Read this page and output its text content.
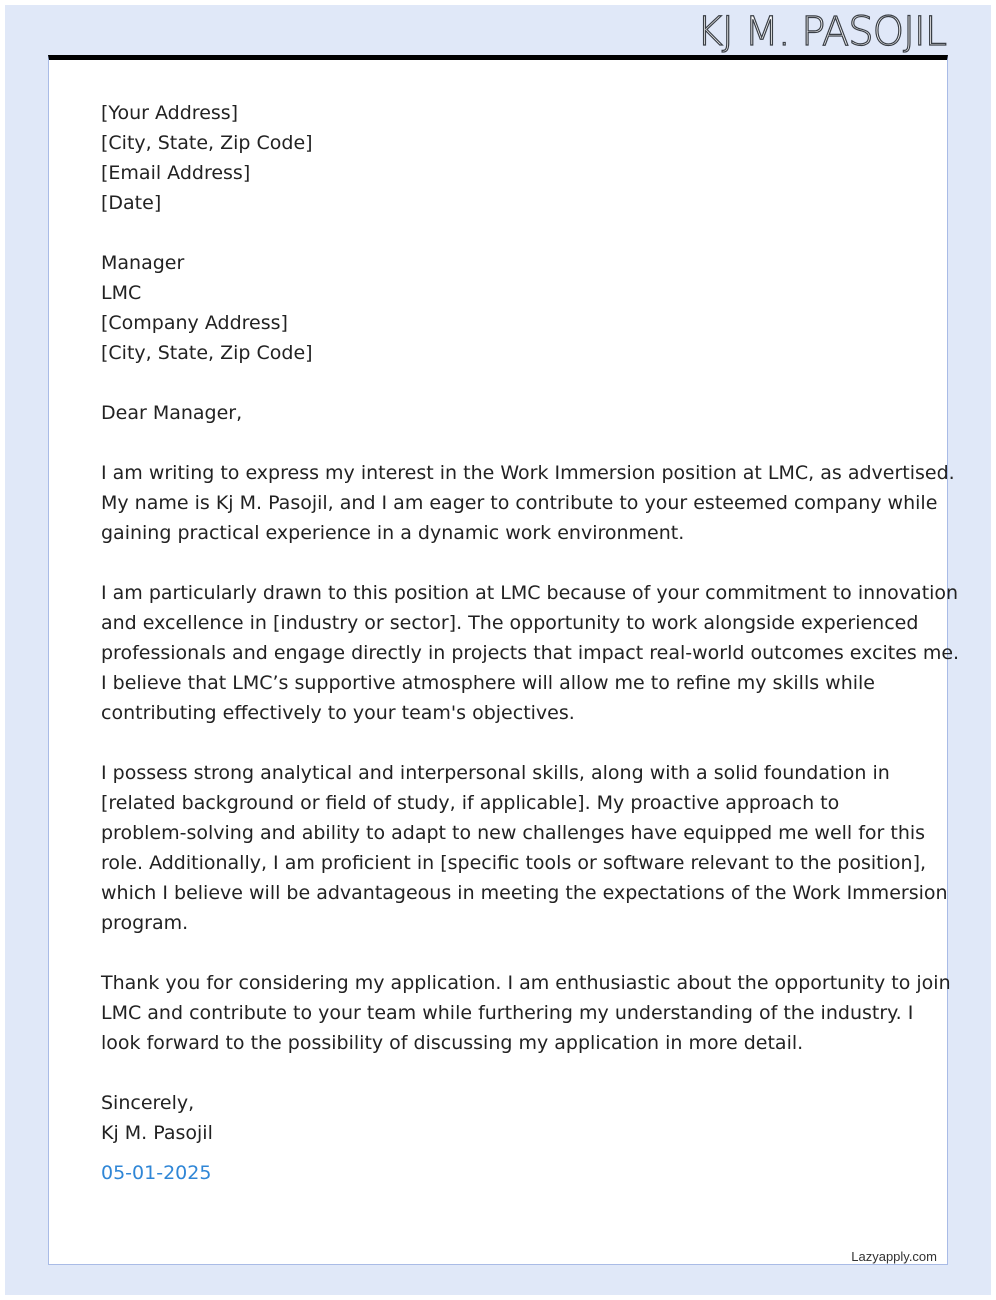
KJ M. PASOJIL
[Your Address]
[City, State, Zip Code]
[Email Address]
[Date]
Manager
LMC
[Company Address]
[City, State, Zip Code]
Dear Manager,

I am writing to express my interest in the Work Immersion position at LMC, as advertised.
My name is Kj M. Pasojil, and I am eager to contribute to your esteemed company while
gaining practical experience in a dynamic work environment.

I am particularly drawn to this position at LMC because of your commitment to innovation
and excellence in [industry or sector]. The opportunity to work alongside experienced
professionals and engage directly in projects that impact real-world outcomes excites me.
I believe that LMC’s supportive atmosphere will allow me to refine my skills while
contributing effectively to your team's objectives.

I possess strong analytical and interpersonal skills, along with a solid foundation in
[related background or field of study, if applicable]. My proactive approach to
problem-solving and ability to adapt to new challenges have equipped me well for this
role. Additionally, I am proficient in [specific tools or software relevant to the position],
which I believe will be advantageous in meeting the expectations of the Work Immersion
program.

Thank you for considering my application. I am enthusiastic about the opportunity to join
LMC and contribute to your team while furthering my understanding of the industry. I
look forward to the possibility of discussing my application in more detail.

Sincerely,
Kj M. Pasojil
05-01-2025
Lazyapply.com
